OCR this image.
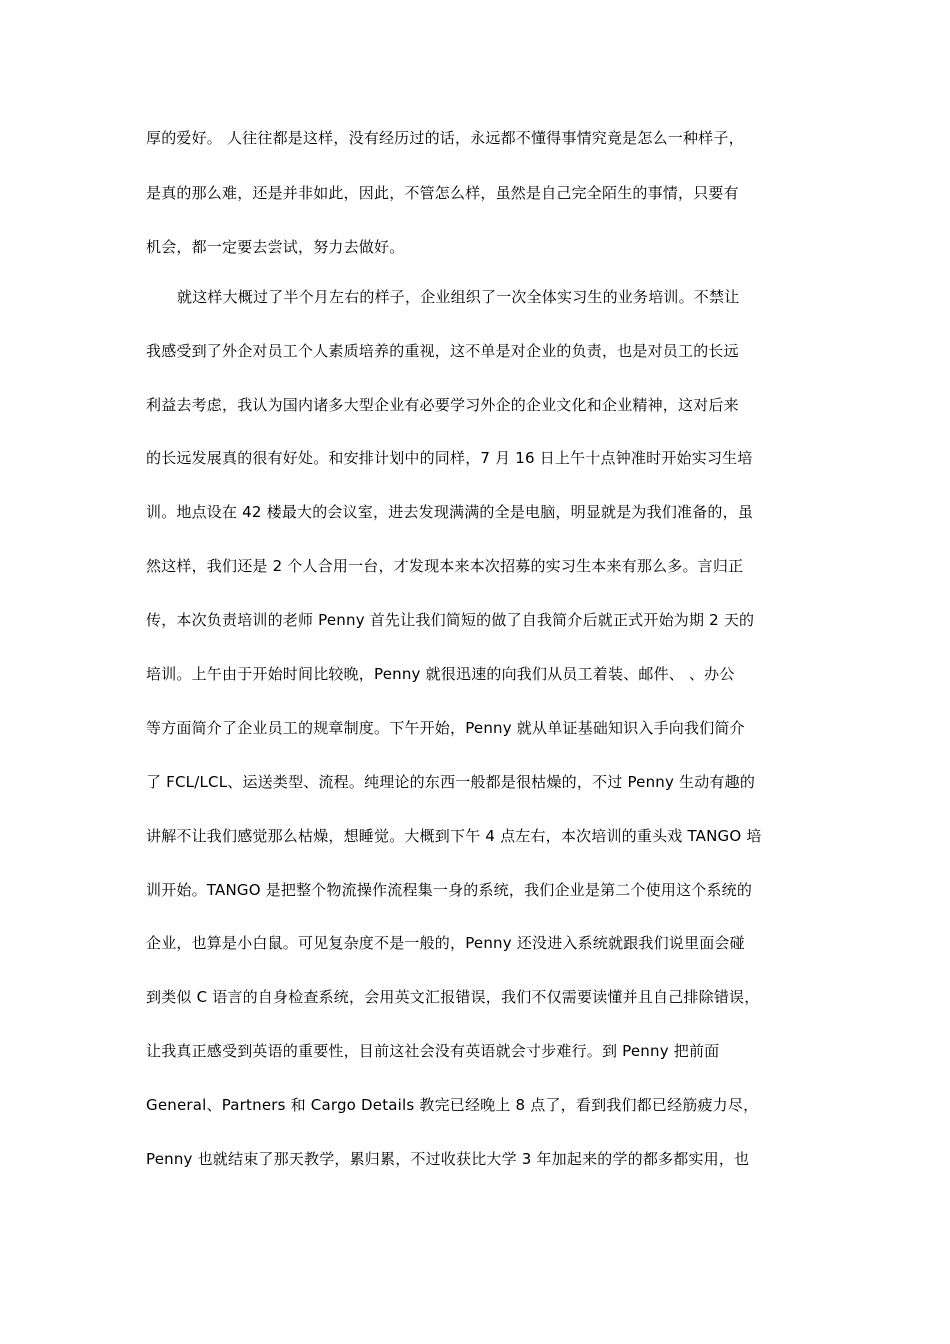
厚的爱好。 人往往都是这样，没有经历过的话，永远都不懂得事情究竟是怎么一种样子，
是真的那么难，还是并非如此，因此，不管怎么样，虽然是自己完全陌生的事情，只要有
机会，都一定要去尝试，努力去做好。
就这样大概过了半个月左右的样子，企业组织了一次全体实习生的业务培训。不禁让
我感受到了外企对员工个人素质培养的重视，这不单是对企业的负责，也是对员工的长远
利益去考虑，我认为国内诸多大型企业有必要学习外企的企业文化和企业精神，这对后来
的长远发展真的很有好处。和安排计划中的同样，7 月 16 日上午十点钟准时开始实习生培
训。地点设在 42 楼最大的会议室，进去发现满满的全是电脑，明显就是为我们准备的，虽
然这样，我们还是 2 个人合用一台，才发现本来本次招募的实习生本来有那么多。言归正
传，本次负责培训的老师 Penny 首先让我们简短的做了自我简介后就正式开始为期 2 天的
培训。上午由于开始时间比较晚，Penny 就很迅速的向我们从员工着装、邮件、 、办公
等方面简介了企业员工的规章制度。下午开始，Penny 就从单证基础知识入手向我们简介
了 FCL/LCL、运送类型、流程。纯理论的东西一般都是很枯燥的，不过 Penny 生动有趣的
讲解不让我们感觉那么枯燥，想睡觉。大概到下午 4 点左右，本次培训的重头戏 TANGO 培
训开始。TANGO 是把整个物流操作流程集一身的系统，我们企业是第二个使用这个系统的
企业，也算是小白鼠。可见复杂度不是一般的，Penny 还没进入系统就跟我们说里面会碰
到类似 C 语言的自身检查系统，会用英文汇报错误，我们不仅需要读懂并且自己排除错误，
让我真正感受到英语的重要性，目前这社会没有英语就会寸步难行。到 Penny 把前面
General、Partners 和 Cargo Details 教完已经晚上 8 点了，看到我们都已经筋疲力尽，
Penny 也就结束了那天教学，累归累，不过收获比大学 3 年加起来的学的都多都实用，也
